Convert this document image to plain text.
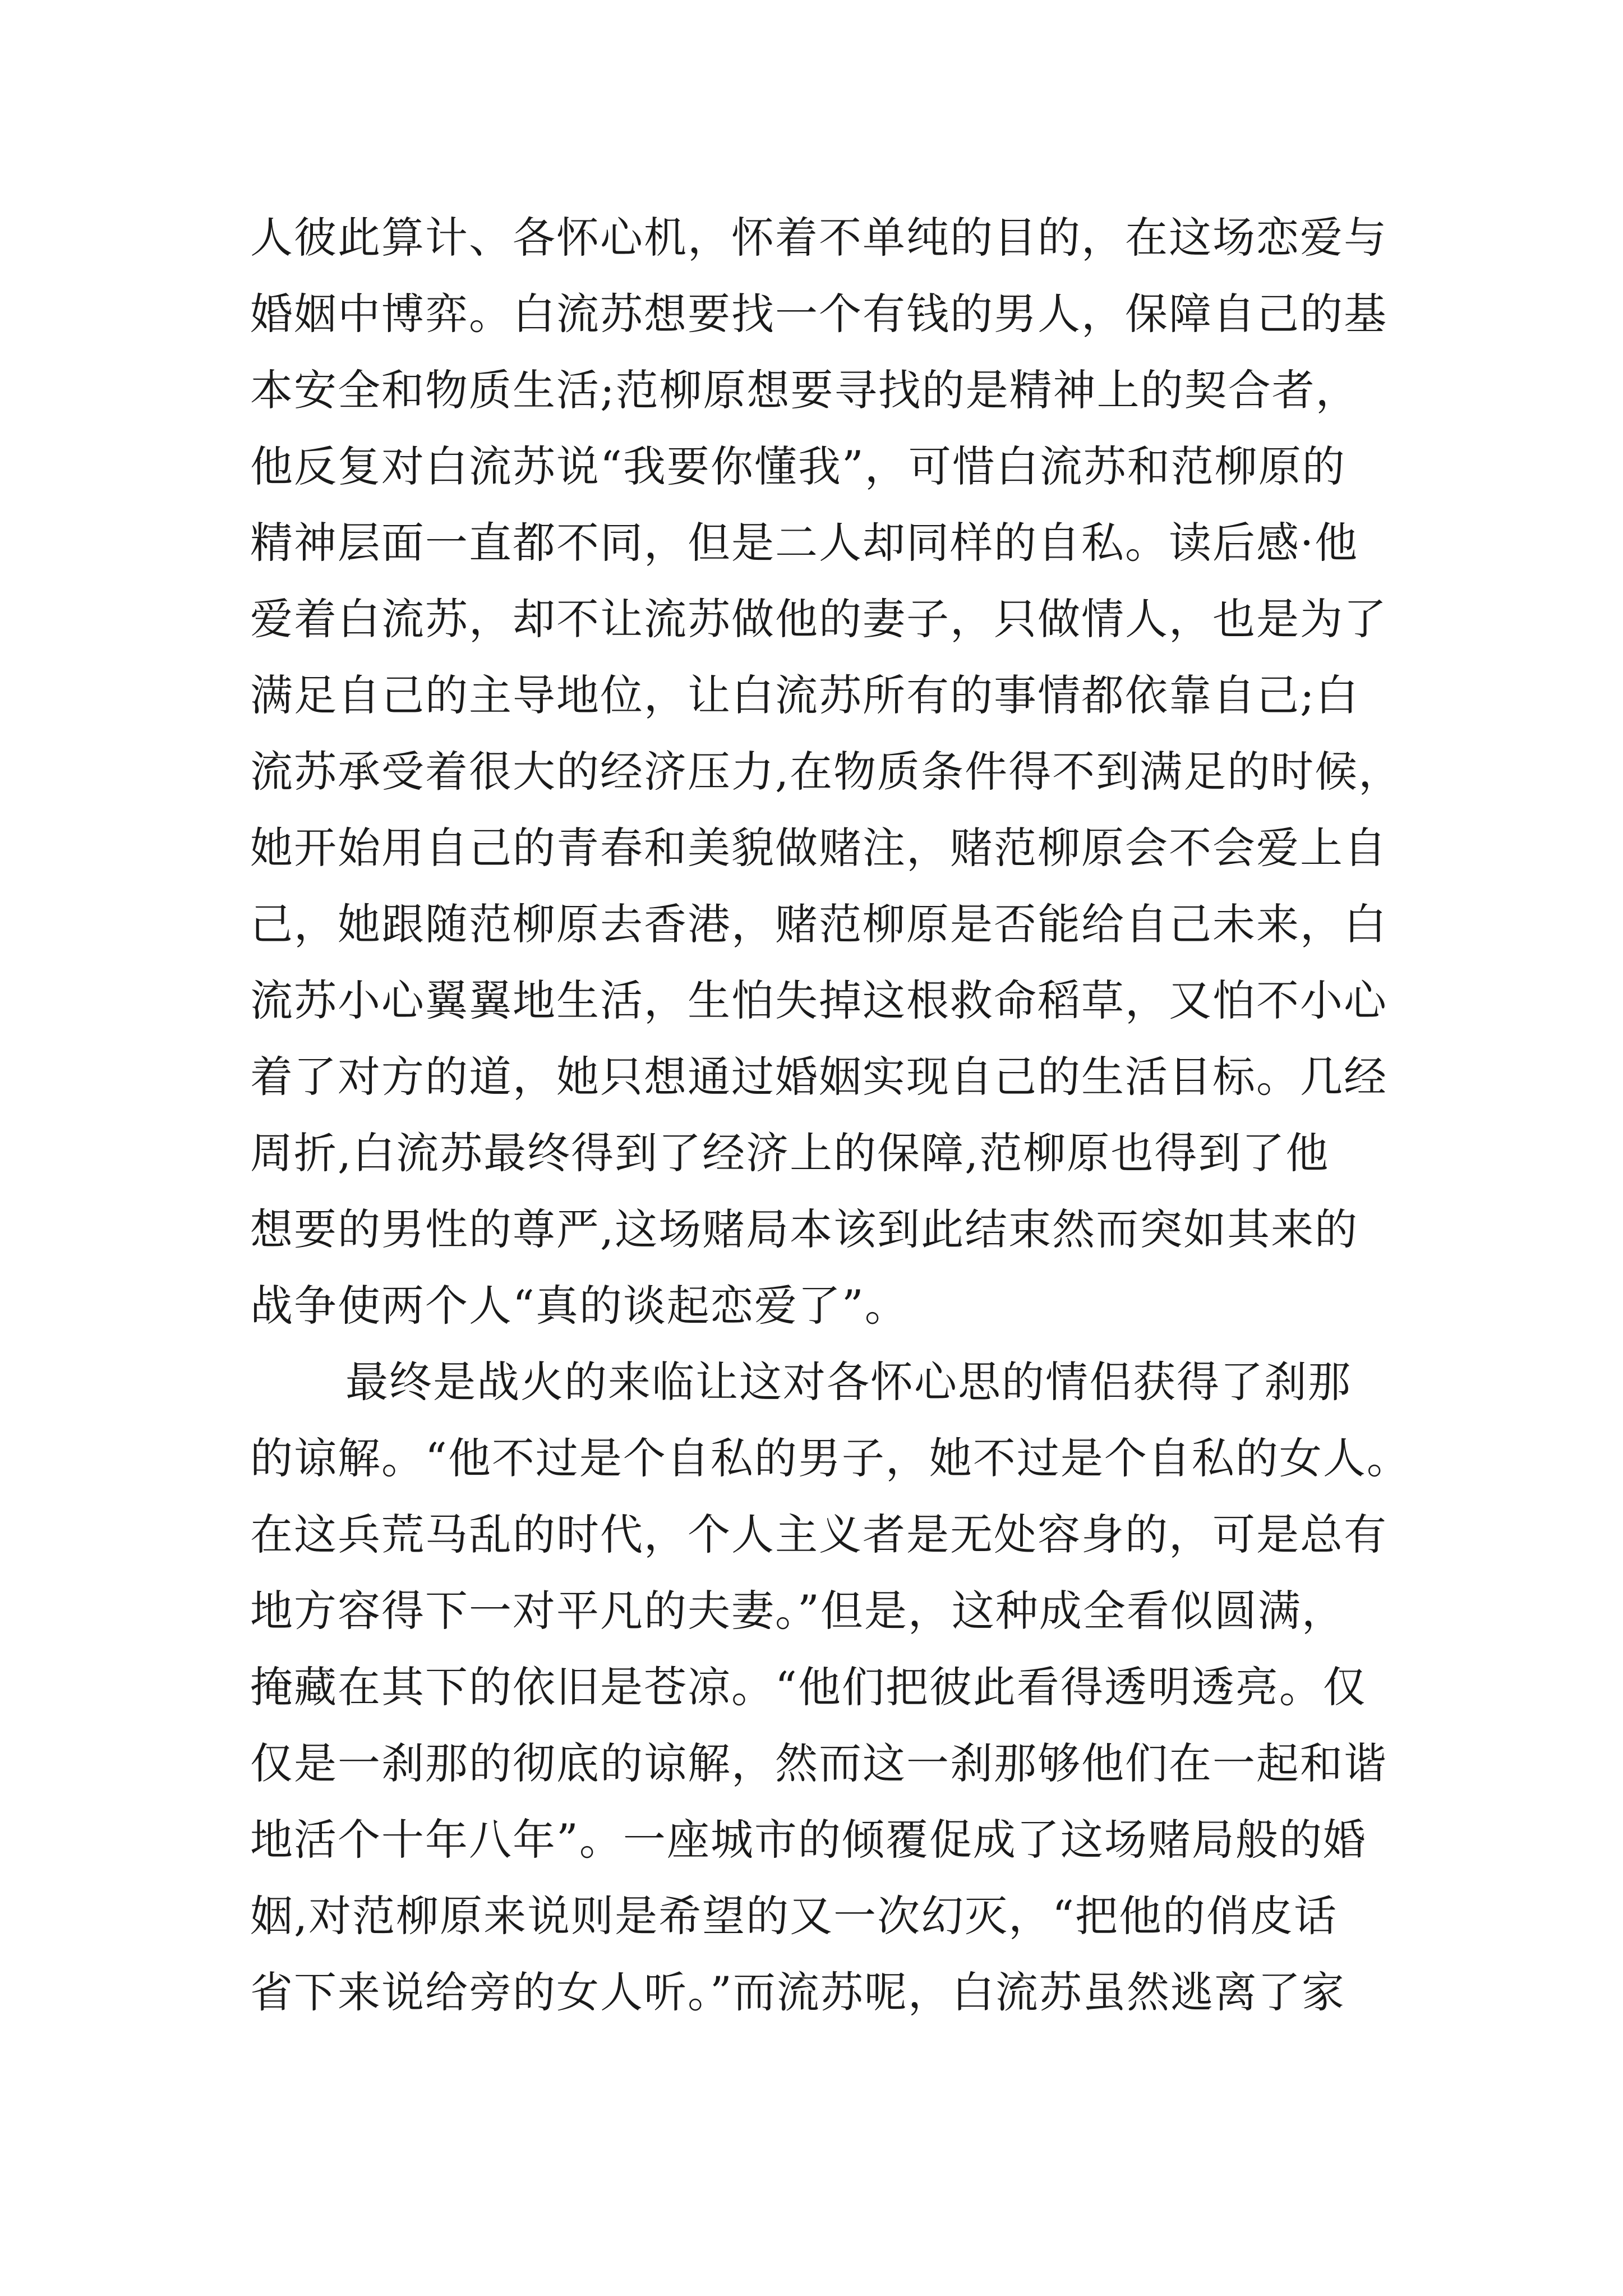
人彼此算计、各怀心机，怀着不单纯的目的，在这场恋爱与
婚姻中博弈。白流苏想要找一个有钱的男人，保障自己的基
本安全和物质生活;范柳原想要寻找的是精神上的契合者，
他反复对白流苏说“我要你懂我”，可惜白流苏和范柳原的
精神层面一直都不同，但是二人却同样的自私。读后感·他
爱着白流苏，却不让流苏做他的妻子，只做情人，也是为了
满足自己的主导地位，让白流苏所有的事情都依靠自己;白
流苏承受着很大的经济压力,在物质条件得不到满足的时候，
她开始用自己的青春和美貌做赌注，赌范柳原会不会爱上自
己，她跟随范柳原去香港，赌范柳原是否能给自己未来，白
流苏小心翼翼地生活，生怕失掉这根救命稻草，又怕不小心
着了对方的道，她只想通过婚姻实现自己的生活目标。几经
周折,白流苏最终得到了经济上的保障,范柳原也得到了他
想要的男性的尊严,这场赌局本该到此结束然而突如其来的
战争使两个人“真的谈起恋爱了”。
最终是战火的来临让这对各怀心思的情侣获得了刹那
的谅解。“他不过是个自私的男子，她不过是个自私的女人。
在这兵荒马乱的时代，个人主义者是无处容身的，可是总有
地方容得下一对平凡的夫妻。”但是，这种成全看似圆满，
掩藏在其下的依旧是苍凉。“他们把彼此看得透明透亮。仅
仅是一刹那的彻底的谅解，然而这一刹那够他们在一起和谐
地活个十年八年”。一座城市的倾覆促成了这场赌局般的婚
姻,对范柳原来说则是希望的又一次幻灭，“把他的俏皮话
省下来说给旁的女人听。”而流苏呢，白流苏虽然逃离了家
